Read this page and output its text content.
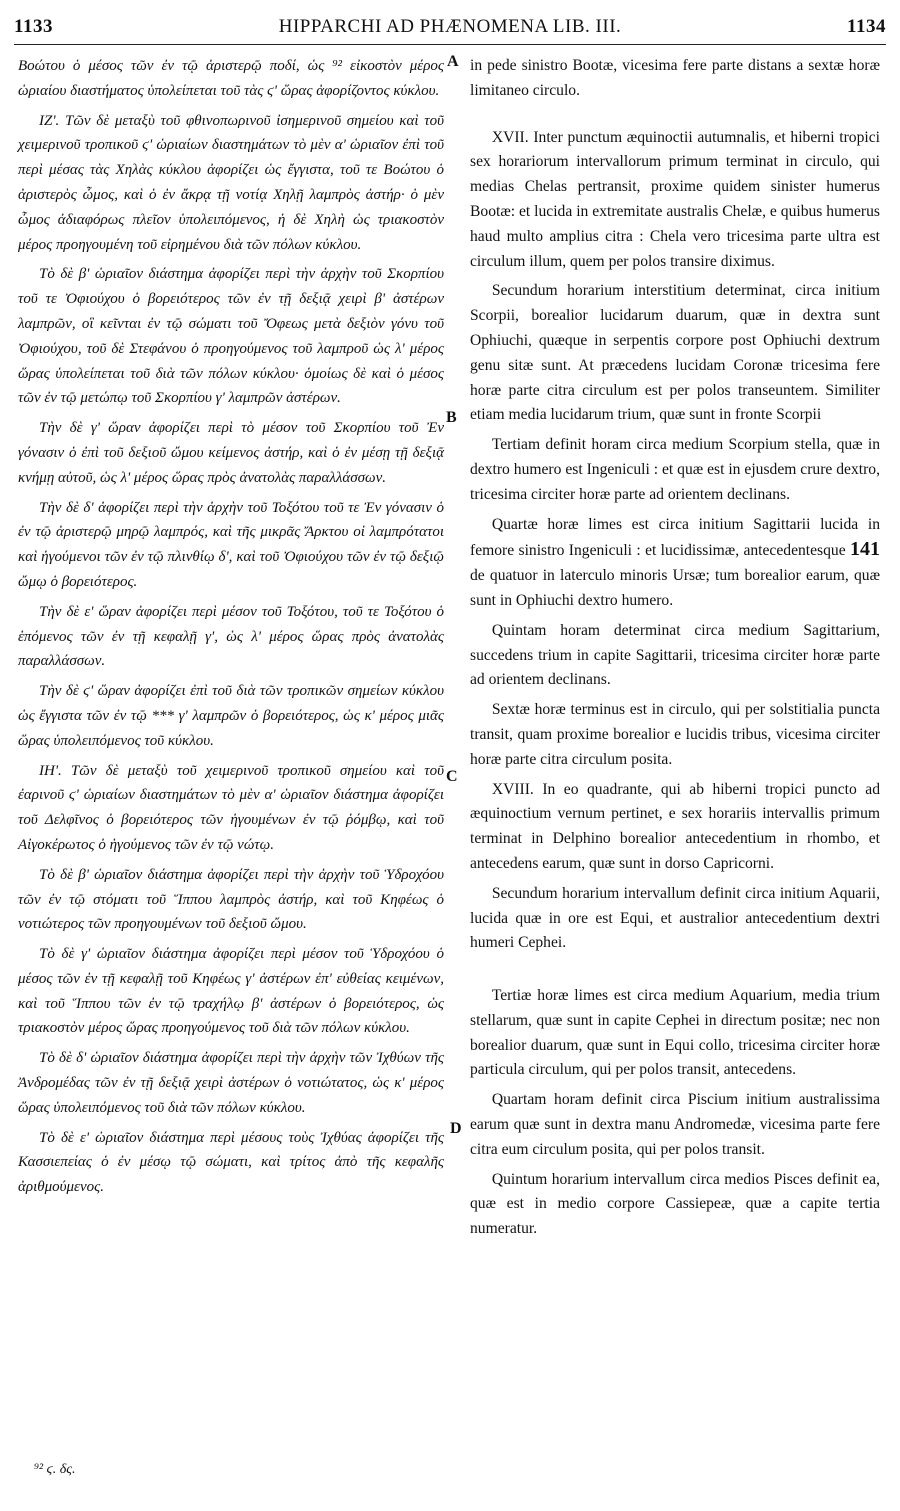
1133	HIPPARCHI AD PHÆNOMENA LIB. III.	1134

Βοώτου ὁ μέσος τῶν ἐν τῷ ἀριστερῷ ποδί, ὡς ⁹² εἰκοστὸν μέρος ὡριαίου διαστήματος ὑπολείπεται τοῦ τὰς ϛ' ὥρας ἀφορίζοντος κύκλου.

ΙΖ'. Τῶν δὲ μεταξὺ τοῦ φθινοπωρινοῦ ἰσημερινοῦ σημείου καὶ τοῦ χειμερινοῦ τροπικοῦ ϛ' ὡριαίων διαστημάτων τὸ μὲν α' ὡριαῖον ἐπὶ τοῦ περὶ μέσας τὰς Χηλὰς κύκλου ἀφορίζει ὡς ἔγγιστα, τοῦ τε Βοώτου ὁ ἀριστερὸς ὦμος, καὶ ὁ ἐν ἄκρᾳ τῇ νοτίᾳ Χηλῇ λαμπρὸς ἀστήρ· ὁ μὲν ὦμος ἀδιαφόρως πλεῖον ὑπολειπόμενος, ἡ δὲ Χηλὴ ὡς τριακοστὸν μέρος προηγουμένη τοῦ εἰρημένου διὰ τῶν πόλων κύκλου.

Τὸ δὲ β' ὡριαῖον διάστημα ἀφορίζει περὶ τὴν ἀρχὴν τοῦ Σκορπίου τοῦ τε Ὀφιούχου ὁ βορειότερος τῶν ἐν τῇ δεξιᾷ χειρὶ β' ἀστέρων λαμπρῶν, οἳ κεῖνται ἐν τῷ σώματι τοῦ Ὄφεως μετὰ δεξιὸν γόνυ τοῦ Ὀφιούχου, τοῦ δὲ Στεφάνου ὁ προηγούμενος τοῦ λαμπροῦ ὡς λ' μέρος ὥρας ὑπολείπεται τοῦ διὰ τῶν πόλων κύκλου· ὁμοίως δὲ καὶ ὁ μέσος τῶν ἐν τῷ μετώπῳ τοῦ Σκορπίου γ' λαμπρῶν ἀστέρων.

Τὴν δὲ γ' ὥραν ἀφορίζει περὶ τὸ μέσον τοῦ Σκορπίου τοῦ Ἐν γόνασιν ὁ ἐπὶ τοῦ δεξιοῦ ὤμου κείμενος ἀστήρ, καὶ ὁ ἐν μέσῃ τῇ δεξιᾷ κνήμῃ αὐτοῦ, ὡς λ' μέρος ὥρας πρὸς ἀνατολὰς παραλλάσσων.

Τὴν δὲ δ' ἀφορίζει περὶ τὴν ἀρχὴν τοῦ Τοξότου τοῦ τε Ἐν γόνασιν ὁ ἐν τῷ ἀριστερῷ μηρῷ λαμπρός, καὶ τῆς μικρᾶς Ἄρκτου οἱ λαμπρότατοι καὶ ἡγούμενοι τῶν ἐν τῷ πλινθίῳ δ', καὶ τοῦ Ὀφιούχου τῶν ἐν τῷ δεξιῷ ὤμῳ ὁ βορειότερος.

Τὴν δὲ ε' ὥραν ἀφορίζει περὶ μέσον τοῦ Τοξότου, τοῦ τε Τοξότου ὁ ἑπόμενος τῶν ἐν τῇ κεφαλῇ γ', ὡς λ' μέρος ὥρας πρὸς ἀνατολὰς παραλλάσσων.

Τὴν δὲ ϛ' ὥραν ἀφορίζει ἐπὶ τοῦ διὰ τῶν τροπικῶν σημείων κύκλου ὡς ἔγγιστα τῶν ἐν τῷ *** γ' λαμπρῶν ὁ βορειότερος, ὡς κ' μέρος μιᾶς ὥρας ὑπολειπόμενος τοῦ κύκλου.

ΙΗ'. Τῶν δὲ μεταξὺ τοῦ χειμερινοῦ τροπικοῦ σημείου καὶ τοῦ ἐαρινοῦ ϛ' ὡριαίων διαστημάτων τὸ μὲν α' ὡριαῖον διάστημα ἀφορίζει τοῦ Δελφῖνος ὁ βορειότερος τῶν ἡγουμένων ἐν τῷ ῥόμβῳ, καὶ τοῦ Αἰγοκέρωτος ὁ ἡγούμενος τῶν ἐν τῷ νώτῳ.

Τὸ δὲ β' ὡριαῖον διάστημα ἀφορίζει περὶ τὴν ἀρχὴν τοῦ Ὑδροχόου τῶν ἐν τῷ στόματι τοῦ Ἵππου λαμπρὸς ἀστήρ, καὶ τοῦ Κηφέως ὁ νοτιώτερος τῶν προηγουμένων τοῦ δεξιοῦ ὤμου.

Τὸ δὲ γ' ὡριαῖον διάστημα ἀφορίζει περὶ μέσον τοῦ Ὑδροχόου ὁ μέσος τῶν ἐν τῇ κεφαλῇ τοῦ Κηφέως γ' ἀστέρων ἐπ' εὐθείας κειμένων, καὶ τοῦ Ἵππου τῶν ἐν τῷ τραχήλῳ β' ἀστέρων ὁ βορειότερος, ὡς τριακοστὸν μέρος ὥρας προηγούμενος τοῦ διὰ τῶν πόλων κύκλου.

Τὸ δὲ δ' ὡριαῖον διάστημα ἀφορίζει περὶ τὴν ἀρχὴν τῶν Ἰχθύων τῆς Ἀνδρομέδας τῶν ἐν τῇ δεξιᾷ χειρὶ ἀστέρων ὁ νοτιώτατος, ὡς κ' μέρος ὥρας ὑπολειπόμενος τοῦ διὰ τῶν πόλων κύκλου.

Τὸ δὲ ε' ὡριαῖον διάστημα περὶ μέσους τοὺς Ἰχθύας ἀφορίζει τῆς Κασσιεπείας ὁ ἐν μέσῳ τῷ σώματι, καὶ τρίτος ἀπὸ τῆς κεφαλῆς ἀριθμούμενος.

A
B
C
D

in pede sinistro Bootæ, vicesima fere parte distans a sextæ horæ limitaneo circulo.

XVII. Inter punctum æquinoctii autumnalis, et hiberni tropici sex horariorum intervallorum primum terminat in circulo, qui medias Chelas pertransit, proxime quidem sinister humerus Bootæ: et lucida in extremitate australis Chelæ, e quibus humerus haud multo amplius citra : Chela vero tricesima parte ultra est circulum illum, quem per polos transire diximus.

Secundum horarium interstitium determinat, circa initium Scorpii, borealior lucidarum duarum, quæ in dextra sunt Ophiuchi, quæque in serpentis corpore post Ophiuchi dextrum genu sitæ sunt. At præcedens lucidam Coronæ tricesima fere horæ parte citra circulum est per polos transeuntem. Similiter etiam media lucidarum trium, quæ sunt in fronte Scorpii

Tertiam definit horam circa medium Scorpium stella, quæ in dextro humero est Ingeniculi : et quæ est in ejusdem crure dextro, tricesima circiter horæ parte ad orientem declinans.

Quartæ horæ limes est circa initium Sagittarii lucida in femore sinistro Ingeniculi : et lucidissimæ, antecedentesque 141 de quatuor in laterculo minoris Ursæ; tum borealior earum, quæ sunt in Ophiuchi dextro humero.

Quintam horam determinat circa medium Sagittarium, succedens trium in capite Sagittarii, tricesima circiter horæ parte ad orientem declinans.

Sextæ horæ terminus est in circulo, qui per solstitialia puncta transit, quam proxime borealior e lucidis tribus, vicesima circiter horæ parte citra circulum posita.

XVIII. In eo quadrante, qui ab hiberni tropici puncto ad æquinoctium vernum pertinet, e sex horariis intervallis primum terminat in Delphino borealior antecedentium in rhombo, et antecedens earum, quæ sunt in dorso Capricorni.

Secundum horarium intervallum definit circa initium Aquarii, lucida quæ in ore est Equi, et australior antecedentium dextri humeri Cephei.

Tertiæ horæ limes est circa medium Aquarium, media trium stellarum, quæ sunt in capite Cephei in directum positæ; nec non borealior duarum, quæ sunt in Equi collo, tricesima circiter horæ particula circulum, qui per polos transit, antecedens.

Quartam horam definit circa Piscium initium australissima earum quæ sunt in dextra manu Andromedæ, vicesima parte fere citra eum circulum posita, qui per polos transit.

Quintum horarium intervallum circa medios Pisces definit ea, quæ est in medio corpore Cassiepeæ, quæ a capite tertia numeratur.

⁹² ϛ. δς.
